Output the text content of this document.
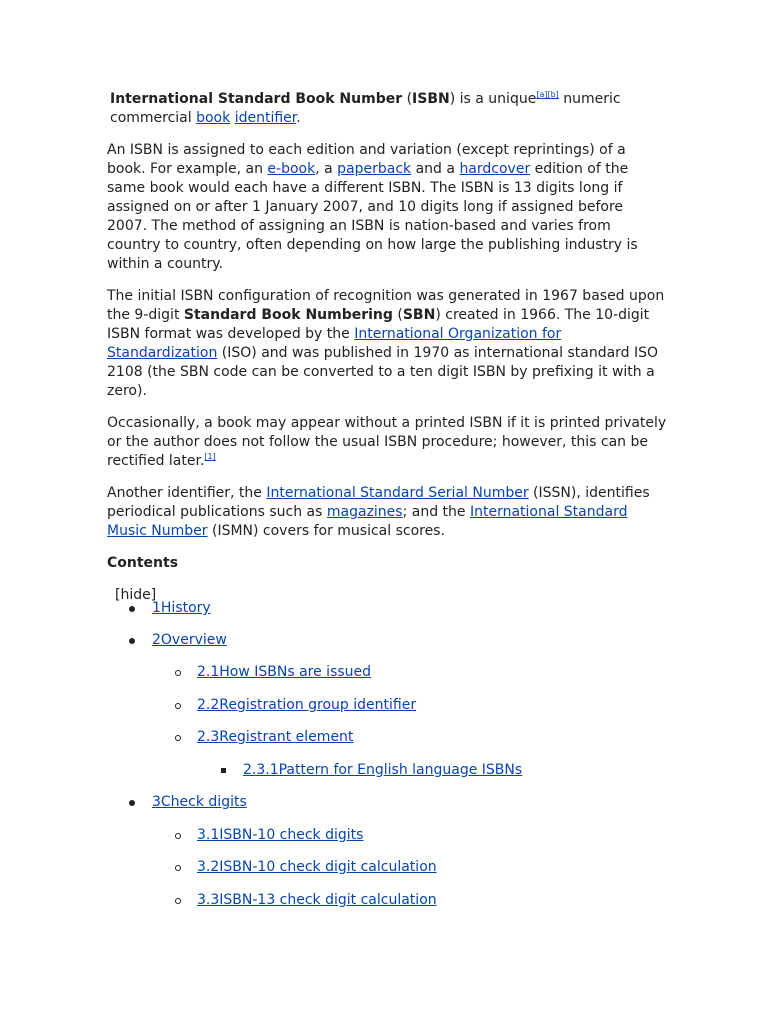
International Standard Book Number (ISBN) is a unique[a][b] numeric commercial book identifier.

An ISBN is assigned to each edition and variation (except reprintings) of a book. For example, an e-book, a paperback and a hardcover edition of the same book would each have a different ISBN. The ISBN is 13 digits long if assigned on or after 1 January 2007, and 10 digits long if assigned before 2007. The method of assigning an ISBN is nation-based and varies from country to country, often depending on how large the publishing industry is within a country.

The initial ISBN configuration of recognition was generated in 1967 based upon the 9-digit Standard Book Numbering (SBN) created in 1966. The 10-digit ISBN format was developed by the International Organization for Standardization (ISO) and was published in 1970 as international standard ISO 2108 (the SBN code can be converted to a ten digit ISBN by prefixing it with a zero).

Occasionally, a book may appear without a printed ISBN if it is printed privately or the author does not follow the usual ISBN procedure; however, this can be rectified later.[1]

Another identifier, the International Standard Serial Number (ISSN), identifies periodical publications such as magazines; and the International Standard Music Number (ISMN) covers for musical scores.

Contents
[hide]
1History
2Overview
2.1How ISBNs are issued
2.2Registration group identifier
2.3Registrant element
2.3.1Pattern for English language ISBNs
3Check digits
3.1ISBN-10 check digits
3.2ISBN-10 check digit calculation
3.3ISBN-13 check digit calculation
